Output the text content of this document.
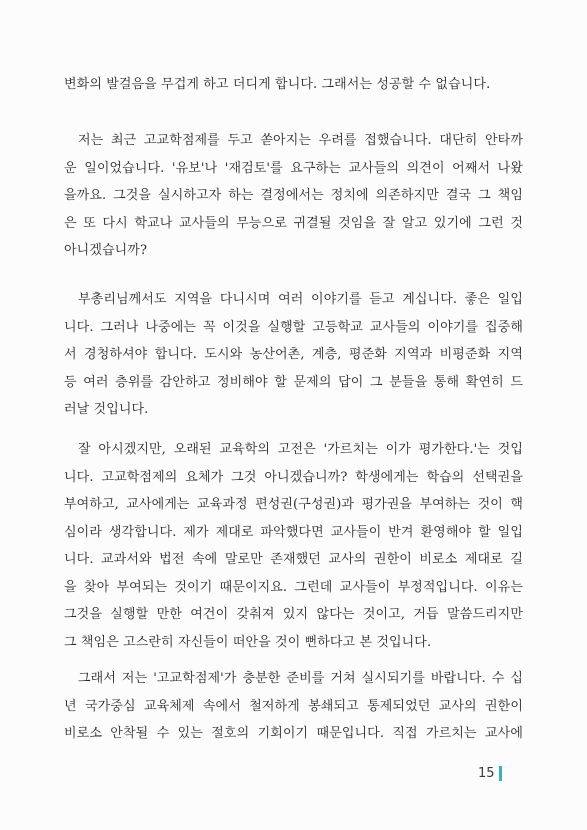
변화의 발걸음을 무겁게 하고 더디게 합니다. 그래서는 성공할 수 없습니다.
저는 최근 고교학점제를 두고 쏟아지는 우려를 접했습니다. 대단히 안타까
운 일이었습니다. '유보'나 '재검토'를 요구하는 교사들의 의견이 어째서 나왔
을까요. 그것을 실시하고자 하는 결정에서는 정치에 의존하지만 결국 그 책임
은 또 다시 학교나 교사들의 무능으로 귀결될 것임을 잘 알고 있기에 그런 것
아니겠습니까?
부총리님께서도 지역을 다니시며 여러 이야기를 듣고 계십니다. 좋은 일입
니다. 그러나 나중에는 꼭 이것을 실행할 고등학교 교사들의 이야기를 집중해
서 경청하셔야 합니다. 도시와 농산어촌, 계층, 평준화 지역과 비평준화 지역
등 여러 층위를 감안하고 정비해야 할 문제의 답이 그 분들을 통해 확연히 드
러날 것입니다.
잘 아시겠지만, 오래된 교육학의 고전은 '가르치는 이가 평가한다.'는 것입
니다. 고교학점제의 요체가 그것 아니겠습니까? 학생에게는 학습의 선택권을
부여하고, 교사에게는 교육과정 편성권(구성권)과 평가권을 부여하는 것이 핵
심이라 생각합니다. 제가 제대로 파악했다면 교사들이 반겨 환영해야 할 일입
니다. 교과서와 법전 속에 말로만 존재했던 교사의 권한이 비로소 제대로 길
을 찾아 부여되는 것이기 때문이지요. 그런데 교사들이 부정적입니다. 이유는
그것을 실행할 만한 여건이 갖춰져 있지 않다는 것이고, 거듭 말씀드리지만
그 책임은 고스란히 자신들이 떠안을 것이 뻔하다고 본 것입니다.
그래서 저는 '고교학점제'가 충분한 준비를 거쳐 실시되기를 바랍니다. 수 십
년 국가중심 교육체제 속에서 철저하게 봉쇄되고 통제되었던 교사의 권한이
비로소 안착될 수 있는 절호의 기회이기 때문입니다. 직접 가르치는 교사에
15
